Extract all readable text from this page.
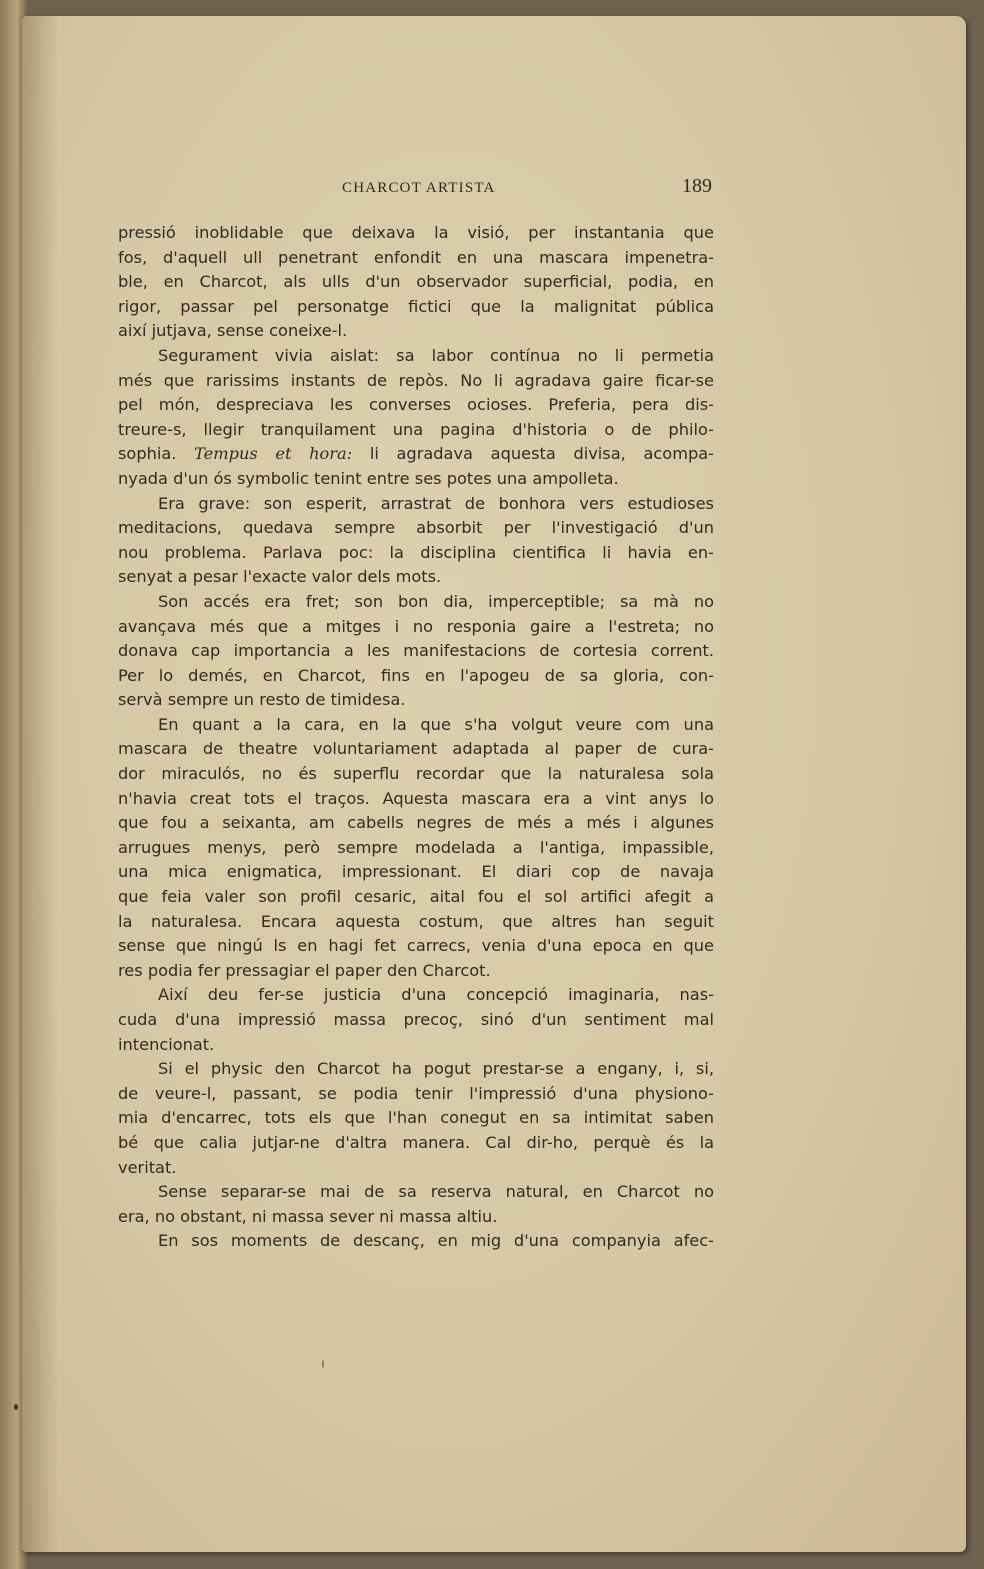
CHARCOT ARTISTA	189
pressió inoblidable que deixava la visió, per instantania que
fos, d'aquell ull penetrant enfondit en una mascara impenetra-
ble, en Charcot, als ulls d'un observador superficial, podia, en
rigor, passar pel personatge fictici que la malignitat pública
així jutjava, sense coneixe-l.
Segurament vivia aislat: sa labor contínua no li permetia
més que rarissims instants de repòs. No li agradava gaire ficar-se
pel món, despreciava les converses ocioses. Preferia, pera dis-
treure-s, llegir tranquilament una pagina d'historia o de philo-
sophia. Tempus et hora: li agradava aquesta divisa, acompa-
nyada d'un ós symbolic tenint entre ses potes una ampolleta.
Era grave: son esperit, arrastrat de bonhora vers estudioses
meditacions, quedava sempre absorbit per l'investigació d'un
nou problema. Parlava poc: la disciplina cientifica li havia en-
senyat a pesar l'exacte valor dels mots.
Son accés era fret; son bon dia, imperceptible; sa mà no
avançava més que a mitges i no responia gaire a l'estreta; no
donava cap importancia a les manifestacions de cortesia corrent.
Per lo demés, en Charcot, fins en l'apogeu de sa gloria, con-
servà sempre un resto de timidesa.
En quant a la cara, en la que s'ha volgut veure com una
mascara de theatre voluntariament adaptada al paper de cura-
dor miraculós, no és superflu recordar que la naturalesa sola
n'havia creat tots el traços. Aquesta mascara era a vint anys lo
que fou a seixanta, am cabells negres de més a més i algunes
arrugues menys, però sempre modelada a l'antiga, impassible,
una mica enigmatica, impressionant. El diari cop de navaja
que feia valer son profil cesaric, aital fou el sol artifici afegit a
la naturalesa. Encara aquesta costum, que altres han seguit
sense que ningú ls en hagi fet carrecs, venia d'una epoca en que
res podia fer pressagiar el paper den Charcot.
Així deu fer-se justicia d'una concepció imaginaria, nas-
cuda d'una impressió massa precoç, sinó d'un sentiment mal
intencionat.
Si el physic den Charcot ha pogut prestar-se a engany, i, si,
de veure-l, passant, se podia tenir l'impressió d'una physiono-
mia d'encarrec, tots els que l'han conegut en sa intimitat saben
bé que calia jutjar-ne d'altra manera. Cal dir-ho, perquè és la
veritat.
Sense separar-se mai de sa reserva natural, en Charcot no
era, no obstant, ni massa sever ni massa altiu.
En sos moments de descanç, en mig d'una companyia afec-
